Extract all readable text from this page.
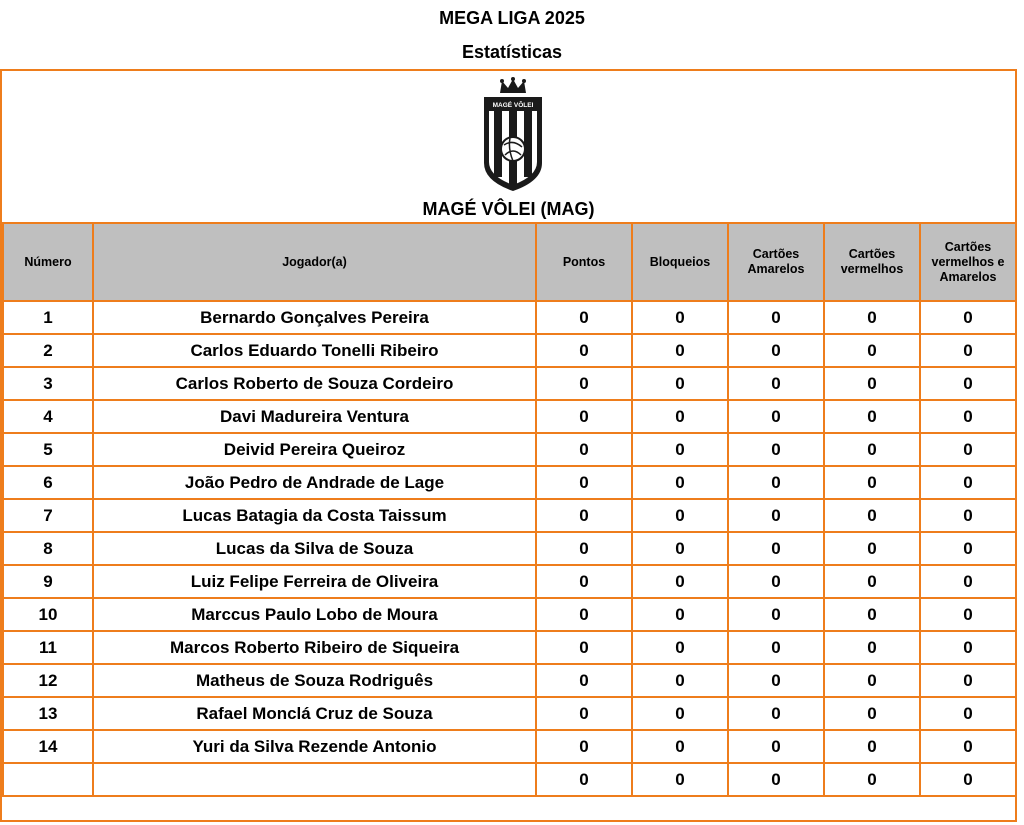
MEGA LIGA 2025
Estatísticas
MAGÉ VÔLEI
MAGÉ VÔLEI (MAG)
Número	Jogador(a)	Pontos	Bloqueios	Cartões Amarelos	Cartões vermelhos	Cartões vermelhos e Amarelos
1	Bernardo Gonçalves Pereira	0	0	0	0	0
2	Carlos Eduardo Tonelli Ribeiro	0	0	0	0	0
3	Carlos Roberto de Souza Cordeiro	0	0	0	0	0
4	Davi Madureira Ventura	0	0	0	0	0
5	Deivid Pereira Queiroz	0	0	0	0	0
6	João Pedro de Andrade de Lage	0	0	0	0	0
7	Lucas Batagia da Costa Taissum	0	0	0	0	0
8	Lucas da Silva de Souza	0	0	0	0	0
9	Luiz Felipe Ferreira de Oliveira	0	0	0	0	0
10	Marccus Paulo Lobo de Moura	0	0	0	0	0
11	Marcos Roberto Ribeiro de Siqueira	0	0	0	0	0
12	Matheus de Souza Rodriguês	0	0	0	0	0
13	Rafael Monclá Cruz de Souza	0	0	0	0	0
14	Yuri da Silva Rezende Antonio	0	0	0	0	0
		0	0	0	0	0
